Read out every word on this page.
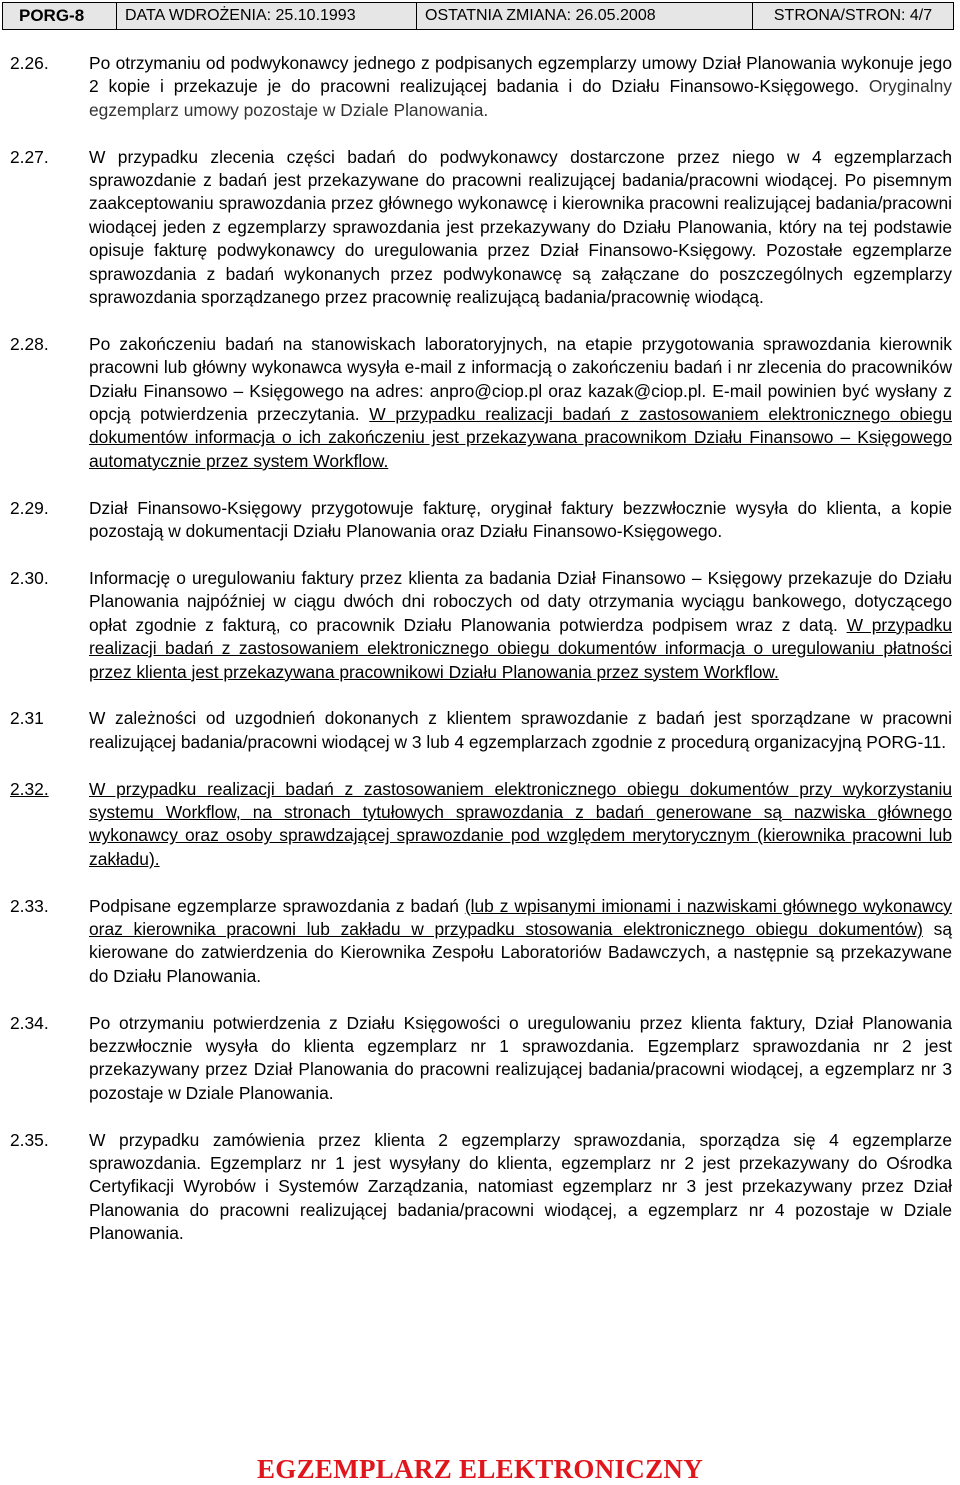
PORG-8	DATA WDROŻENIA: 25.10.1993	OSTATNIA ZMIANA: 26.05.2008	STRONA/STRON: 4/7
2.26.	Po otrzymaniu od podwykonawcy jednego z podpisanych egzemplarzy umowy Dział Planowania wykonuje jego 2 kopie i przekazuje je do pracowni realizującej badania i do Działu Finansowo-Księgowego. Oryginalny egzemplarz umowy pozostaje w Dziale Planowania.
2.27.	W przypadku zlecenia części badań do podwykonawcy dostarczone przez niego w 4 egzemplarzach sprawozdanie z badań jest przekazywane do pracowni realizującej badania/pracowni wiodącej. Po pisemnym zaakceptowaniu sprawozdania przez głównego wykonawcę i kierownika pracowni realizującej badania/pracowni wiodącej jeden z egzemplarzy sprawozdania jest przekazywany do Działu Planowania, który na tej podstawie opisuje fakturę podwykonawcy do uregulowania przez Dział Finansowo-Księgowy. Pozostałe egzemplarze sprawozdania z badań wykonanych przez podwykonawcę są załączane do poszczególnych egzemplarzy sprawozdania sporządzanego przez pracownię realizującą badania/pracownię wiodącą.
2.28.	Po zakończeniu badań na stanowiskach laboratoryjnych, na etapie przygotowania sprawozdania kierownik pracowni lub główny wykonawca wysyła e-mail z informacją o zakończeniu badań i nr zlecenia do pracowników Działu Finansowo – Księgowego na adres: anpro@ciop.pl oraz kazak@ciop.pl. E-mail powinien być wysłany z opcją potwierdzenia przeczytania. W przypadku realizacji badań z zastosowaniem elektronicznego obiegu dokumentów informacja o ich zakończeniu jest przekazywana pracownikom Działu Finansowo – Księgowego automatycznie przez system Workflow.
2.29.	Dział Finansowo-Księgowy przygotowuje fakturę, oryginał faktury bezzwłocznie wysyła do klienta, a kopie pozostają w dokumentacji Działu Planowania oraz Działu Finansowo-Księgowego.
2.30.	Informację o uregulowaniu faktury przez klienta za badania Dział Finansowo – Księgowy przekazuje do Działu Planowania najpóźniej w ciągu dwóch dni roboczych od daty otrzymania wyciągu bankowego, dotyczącego opłat zgodnie z fakturą, co pracownik Działu Planowania potwierdza podpisem wraz z datą. W przypadku realizacji badań z zastosowaniem elektronicznego obiegu dokumentów informacja o uregulowaniu płatności przez klienta jest przekazywana pracownikowi Działu Planowania przez system Workflow.
2.31	W zależności od uzgodnień dokonanych z klientem sprawozdanie z badań jest sporządzane w pracowni realizującej badania/pracowni wiodącej w 3 lub 4 egzemplarzach zgodnie z procedurą organizacyjną PORG-11.
2.32.	W przypadku realizacji badań z zastosowaniem elektronicznego obiegu dokumentów przy wykorzystaniu systemu Workflow, na stronach tytułowych sprawozdania z badań generowane są nazwiska głównego wykonawcy oraz osoby sprawdzającej sprawozdanie pod względem merytorycznym (kierownika pracowni lub zakładu).
2.33.	Podpisane egzemplarze sprawozdania z badań (lub z wpisanymi imionami i nazwiskami głównego wykonawcy oraz kierownika pracowni lub zakładu w przypadku stosowania elektronicznego obiegu dokumentów) są kierowane do zatwierdzenia do Kierownika Zespołu Laboratoriów Badawczych, a następnie są przekazywane do Działu Planowania.
2.34.	Po otrzymaniu potwierdzenia z Działu Księgowości o uregulowaniu przez klienta faktury, Dział Planowania bezzwłocznie wysyła do klienta egzemplarz nr 1 sprawozdania. Egzemplarz sprawozdania nr 2 jest przekazywany przez Dział Planowania do pracowni realizującej badania/pracowni wiodącej, a egzemplarz nr 3 pozostaje w Dziale Planowania.
2.35.	W przypadku zamówienia przez klienta 2 egzemplarzy sprawozdania, sporządza się 4 egzemplarze sprawozdania. Egzemplarz nr 1 jest wysyłany do klienta, egzemplarz nr 2 jest przekazywany do Ośrodka Certyfikacji Wyrobów i Systemów Zarządzania, natomiast egzemplarz nr 3 jest przekazywany przez Dział Planowania do pracowni realizującej badania/pracowni wiodącej, a egzemplarz nr 4 pozostaje w Dziale Planowania.
EGZEMPLARZ ELEKTRONICZNY
